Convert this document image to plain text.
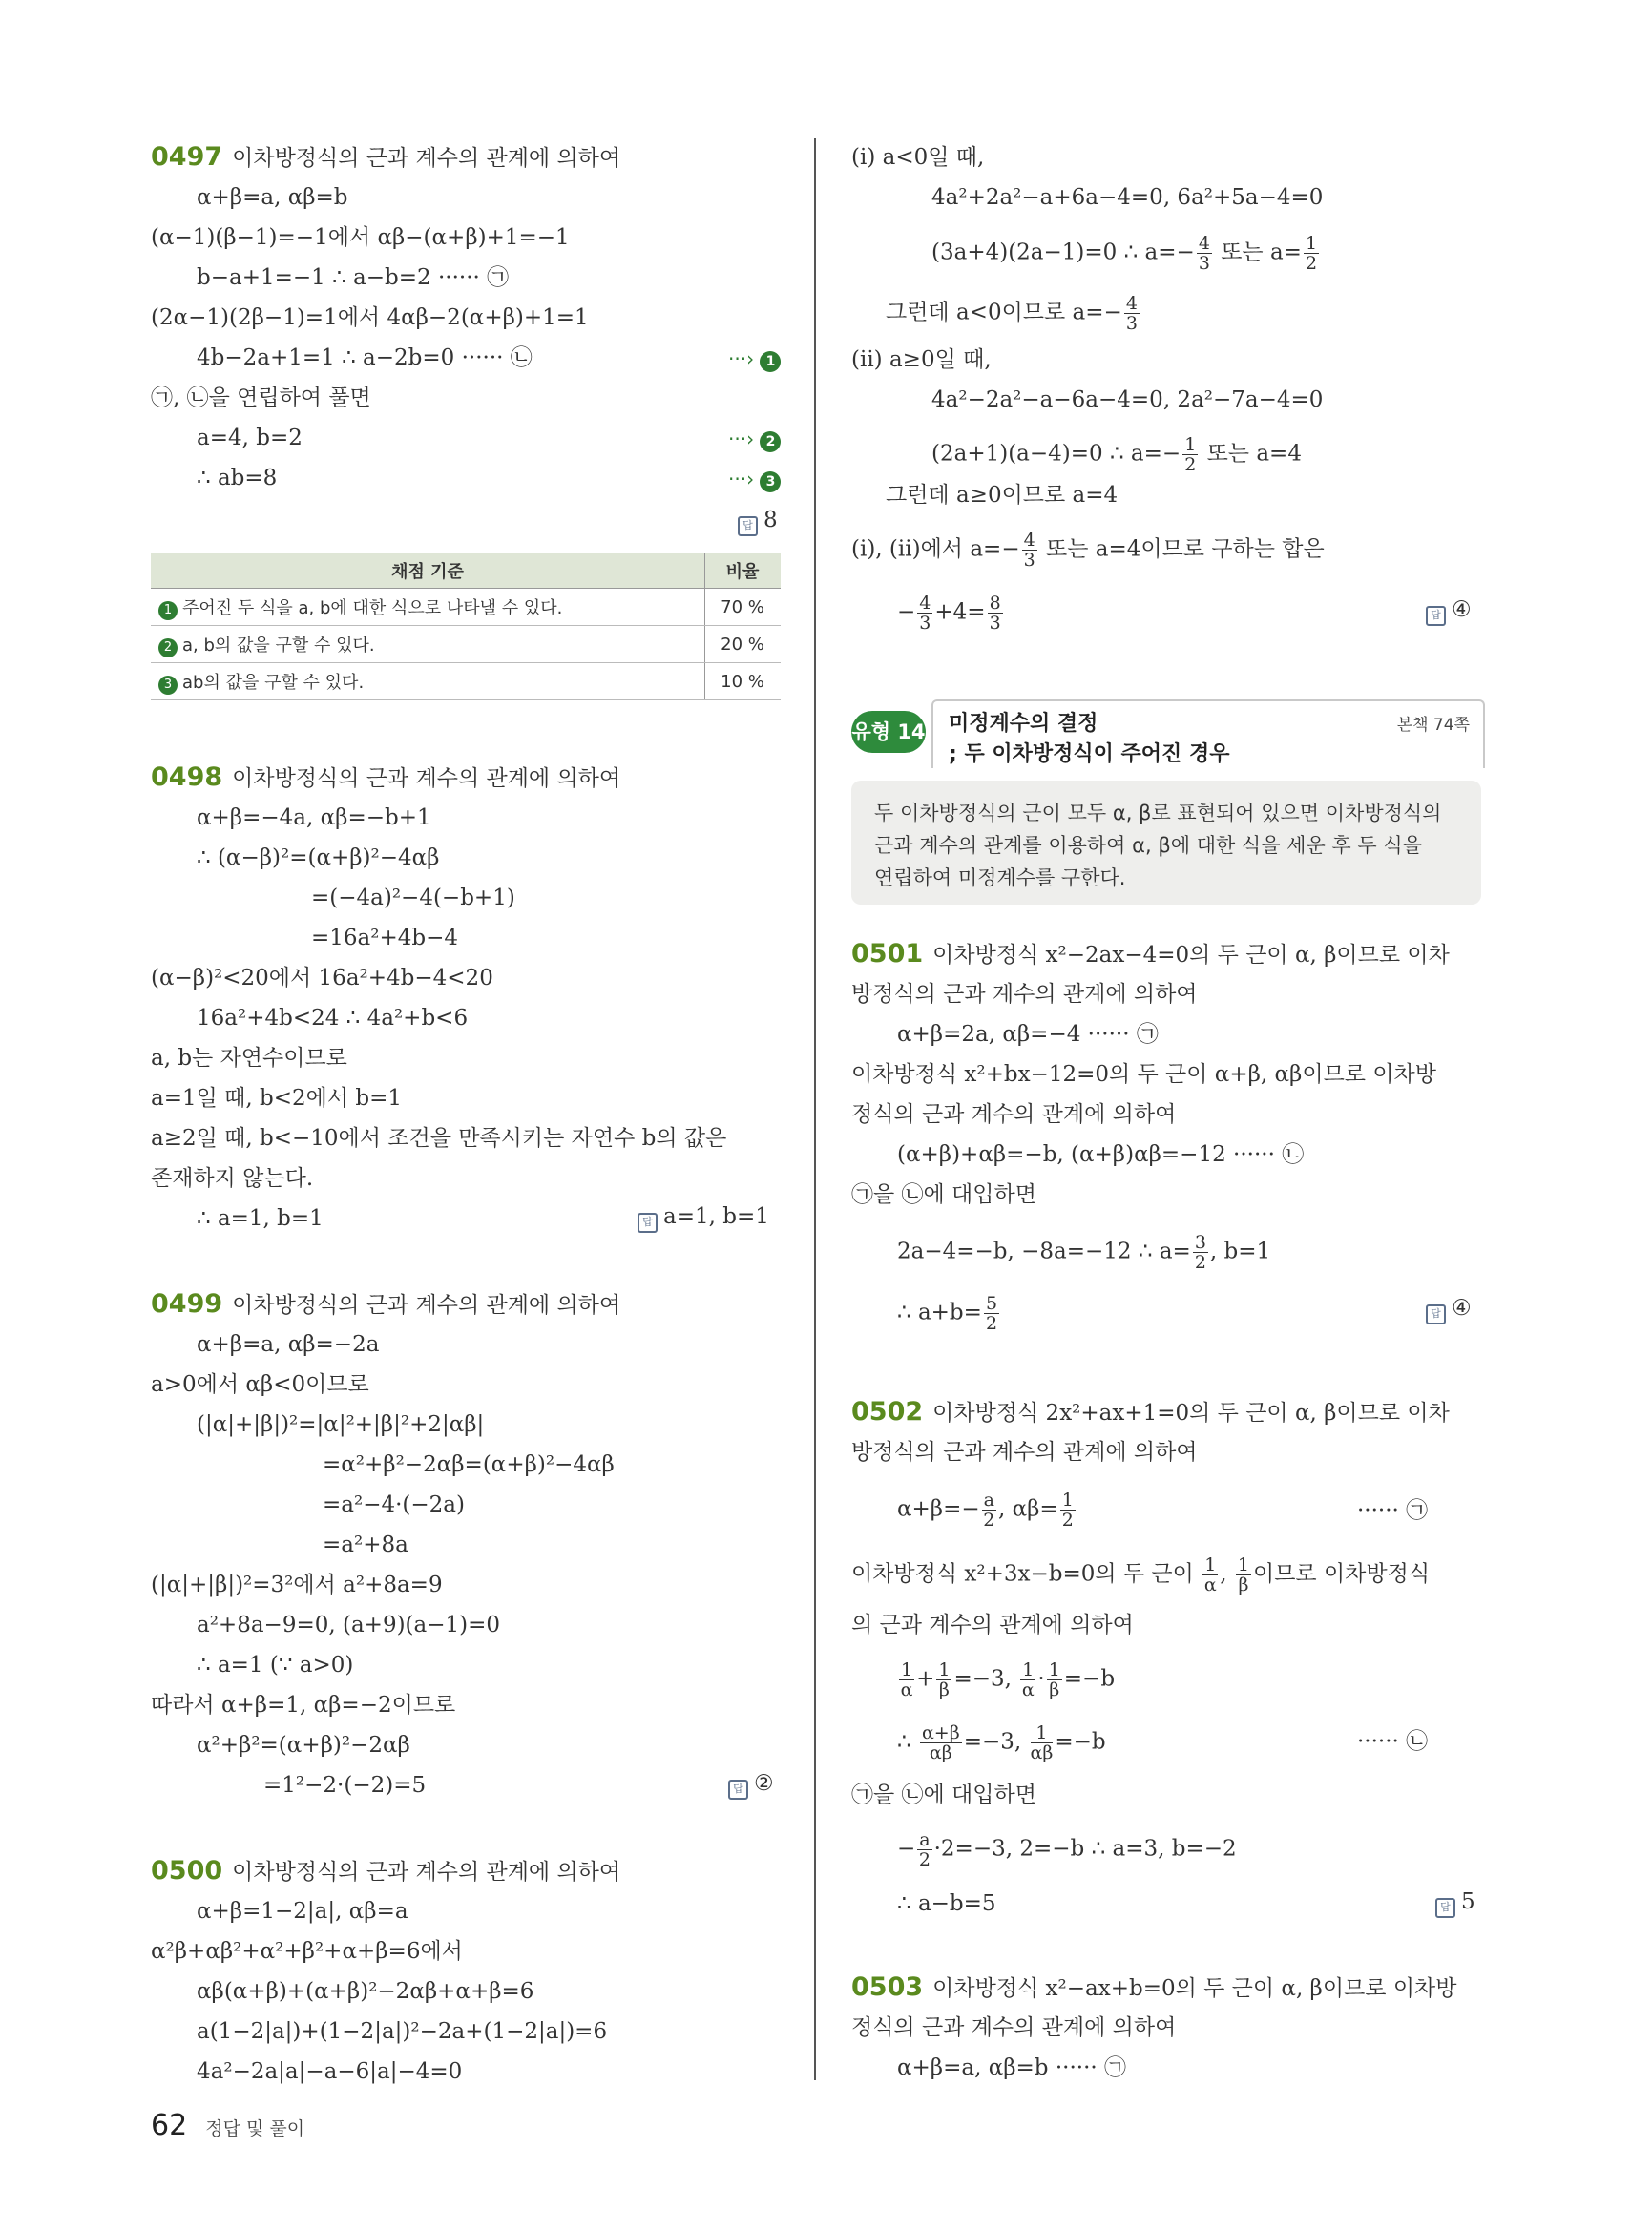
0497 이차방정식의 근과 계수의 관계에 의하여
α+β=a, αβ=b
(α−1)(β−1)=−1에서 αβ−(α+β)+1=−1
b−a+1=−1 ∴ a−b=2 ······ ㉠
(2α−1)(2β−1)=1에서 4αβ−2(α+β)+1=1
4b−2a+1=1 ∴ a−2b=0 ······ ㉡
㉠, ㉡을 연립하여 풀면
a=4, b=2
∴ ab=8
···› 1
···› 2
···› 3
답 8
채점 기준	비율
1 주어진 두 식을 a, b에 대한 식으로 나타낼 수 있다.	70 %
2 a, b의 값을 구할 수 있다.	20 %
3 ab의 값을 구할 수 있다.	10 %
0498 이차방정식의 근과 계수의 관계에 의하여
α+β=−4a, αβ=−b+1
∴ (α−β)²=(α+β)²−4αβ
=(−4a)²−4(−b+1)
=16a²+4b−4
(α−β)²<20에서 16a²+4b−4<20
16a²+4b<24 ∴ 4a²+b<6
a, b는 자연수이므로
a=1일 때, b<2에서 b=1
a≥2일 때, b<−10에서 조건을 만족시키는 자연수 b의 값은
존재하지 않는다.
∴ a=1, b=1	답 a=1, b=1
0499 이차방정식의 근과 계수의 관계에 의하여
α+β=a, αβ=−2a
a>0에서 αβ<0이므로
(|α|+|β|)²=|α|²+|β|²+2|αβ|
=α²+β²−2αβ=(α+β)²−4αβ
=a²−4·(−2a)
=a²+8a
(|α|+|β|)²=3²에서 a²+8a=9
a²+8a−9=0, (a+9)(a−1)=0
∴ a=1 (∵ a>0)
따라서 α+β=1, αβ=−2이므로
α²+β²=(α+β)²−2αβ
=1²−2·(−2)=5	답 ②
0500 이차방정식의 근과 계수의 관계에 의하여
α+β=1−2|a|, αβ=a
α²β+αβ²+α²+β²+α+β=6에서
αβ(α+β)+(α+β)²−2αβ+α+β=6
a(1−2|a|)+(1−2|a|)²−2a+(1−2|a|)=6
4a²−2a|a|−a−6|a|−4=0
(i) a<0일 때,
4a²+2a²−a+6a−4=0, 6a²+5a−4=0
(3a+4)(2a−1)=0 ∴ $a=- \frac{4}{3}$ 또는 $a= \frac{1}{2}$
그런데 a<0이므로 $a=- \frac{4}{3}$
(ii) a≥0일 때,
4a²−2a²−a−6a−4=0, 2a²−7a−4=0
(2a+1)(a−4)=0 ∴ $a=- \frac{1}{2}$ 또는 a=4
그런데 a≥0이므로 a=4
(i), (ii)에서 $a=- \frac{4}{3}$ 또는 a=4이므로 구하는 합은
− $\frac{4}{3} +4= \frac{8}{3}$	답 ④
유형 14 미정계수의 결정
; 두 이차방정식이 주어진 경우
본책 74쪽
두 이차방정식의 근이 모두 α, β로 표현되어 있으면 이차방정식의
근과 계수의 관계를 이용하여 α, β에 대한 식을 세운 후 두 식을
연립하여 미정계수를 구한다.
0501 이차방정식 x²−2ax−4=0의 두 근이 α, β이므로 이차
방정식의 근과 계수의 관계에 의하여
α+β=2a, αβ=−4 ······ ㉠
이차방정식 x²+bx−12=0의 두 근이 α+β, αβ이므로 이차방
정식의 근과 계수의 관계에 의하여
(α+β)+αβ=−b, (α+β)αβ=−12 ······ ㉡
㉠을 ㉡에 대입하면
2a−4=−b, −8a=−12 ∴ $a= \frac{3}{2}$ , b=1
∴ $a+b= \frac{5}{2}$	답 ④
0502 이차방정식 2x²+ax+1=0의 두 근이 α, β이므로 이차
방정식의 근과 계수의 관계에 의하여
$\alpha+\beta=- \frac{a}{2}$ , $\alpha\beta= \frac{1}{2}$	······ ㉠
이차방정식 x²+3x−b=0의 두 근이 $\frac{1}{\alpha}$ , $\frac{1}{\beta}$ 이므로 이차방정식
의 근과 계수의 관계에 의하여
$\frac{1}{\alpha} + \frac{1}{\beta} =-3$, $\frac{1}{\alpha} \cdot \frac{1}{\beta} =-b$
∴ $\frac{\alpha+\beta}{\alpha\beta} =-3$, $\frac{1}{\alpha\beta} =-b$	······ ㉡
㉠을 ㉡에 대입하면
− $\frac{a}{2} \cdot 2=-3$, 2=−b ∴ a=3, b=−2
∴ a−b=5	답 5
0503 이차방정식 x²−ax+b=0의 두 근이 α, β이므로 이차방
정식의 근과 계수의 관계에 의하여
α+β=a, αβ=b ······ ㉠
62 정답 및 풀이
